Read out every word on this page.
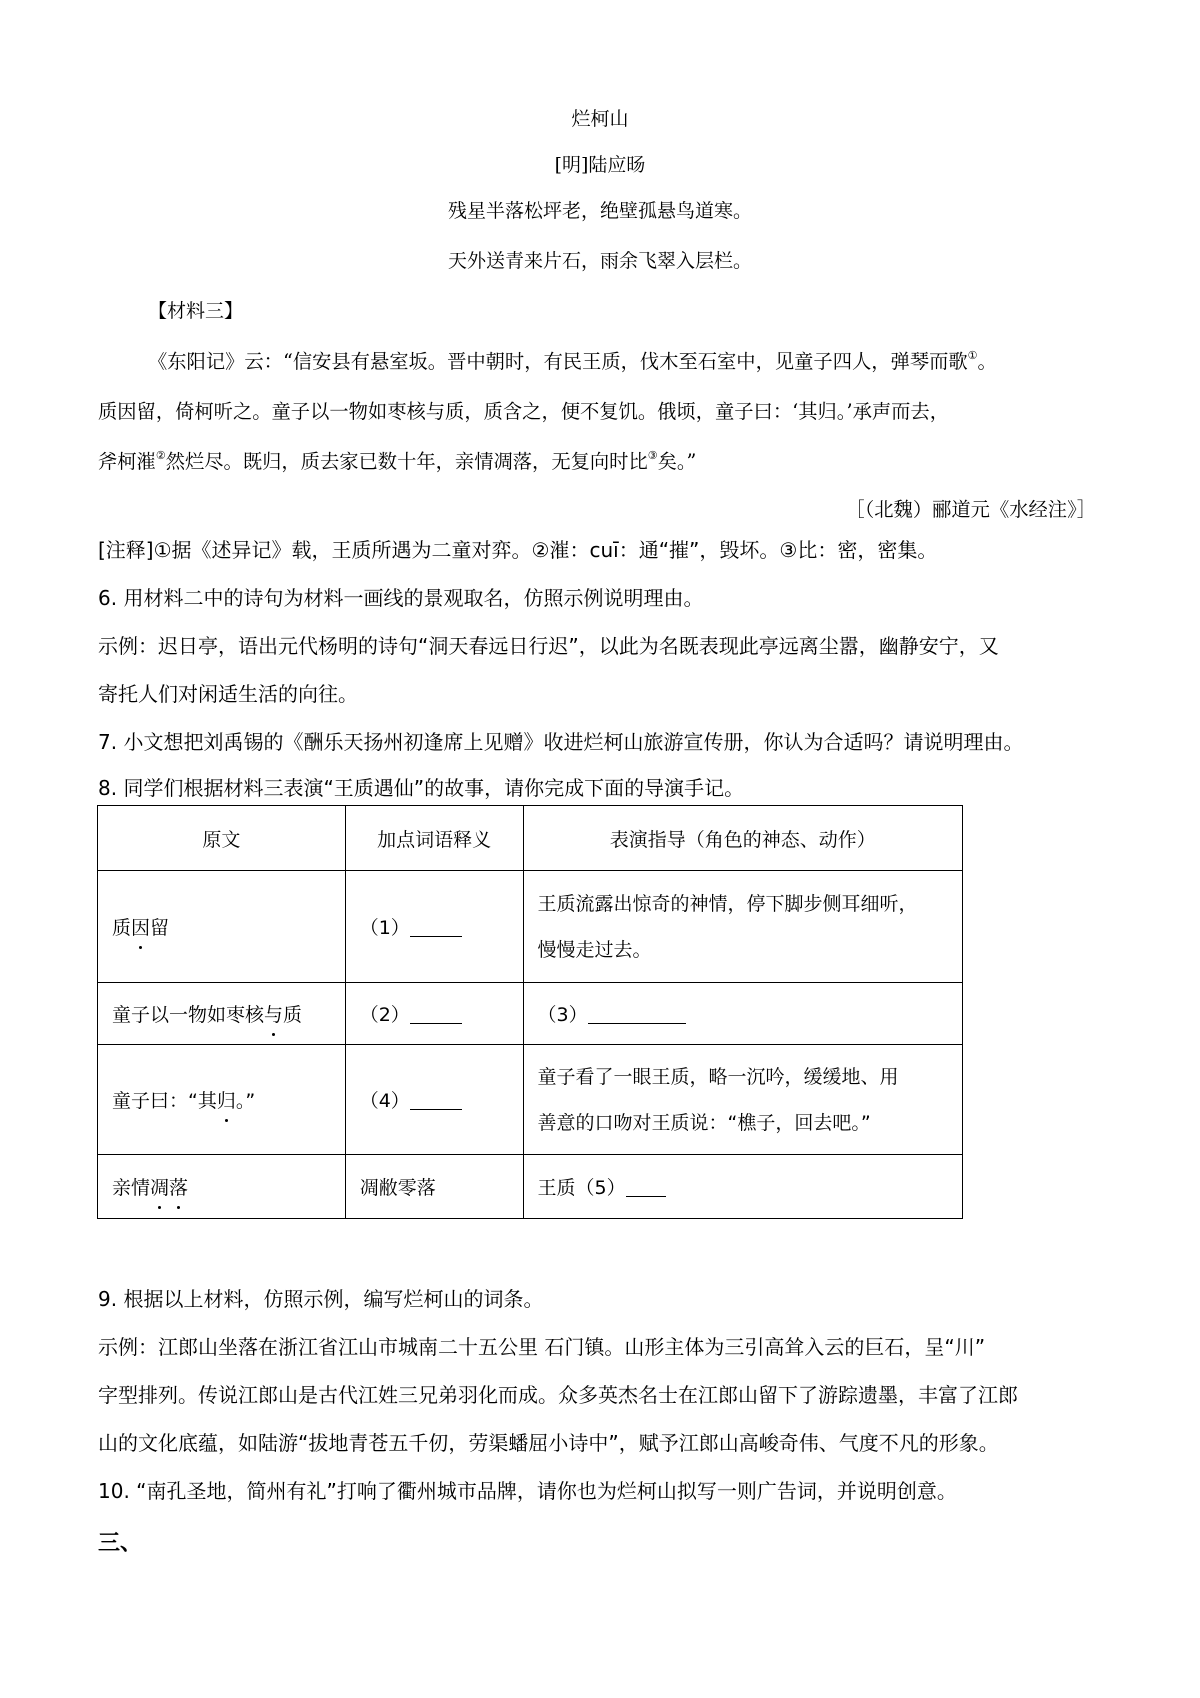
烂柯山
[明]陆应旸
残星半落松坪老，绝壁孤悬鸟道寒。
天外送青来片石，雨余飞翠入层栏。
【材料三】
《东阳记》云：“信安县有悬室坂。晋中朝时，有民王质，伐木至石室中，见童子四人，弹琴而歌①。
质因留，倚柯听之。童子以一物如枣核与质，质含之，便不复饥。俄顷，童子曰：‘其归。’承声而去，
斧柯漼②然烂尽。既归，质去家已数十年，亲情凋落，无复向时比③矣。”
［（北魏）郦道元《水经注》］
[注释]①据《述异记》载，王质所遇为二童对弈。②漼：cuī：通“摧”，毁坏。③比：密，密集。
6. 用材料二中的诗句为材料一画线的景观取名，仿照示例说明理由。
示例：迟日亭，语出元代杨明的诗句“洞天春远日行迟”，以此为名既表现此亭远离尘嚣，幽静安宁，又
寄托人们对闲适生活的向往。
7. 小文想把刘禹锡的《酬乐天扬州初逢席上见赠》收进烂柯山旅游宣传册，你认为合适吗？请说明理由。
8. 同学们根据材料三表演“王质遇仙”的故事，请你完成下面的导演手记。
原文	加点词语释义	表演指导（角色的神态、动作）
质因留	（1）	王质流露出惊奇的神情，停下脚步侧耳细听，
慢慢走过去。
童子以一物如枣核与质	（2）	（3）
童子曰：“其归。”	（4）	童子看了一眼王质，略一沉吟，缓缓地、用
善意的口吻对王质说：“樵子，回去吧。”
亲情凋落	凋敝零落	王质（5）
9. 根据以上材料，仿照示例，编写烂柯山的词条。
示例：江郎山坐落在浙江省江山市城南二十五公里 石门镇。山形主体为三引高耸入云的巨石，呈“川”
字型排列。传说江郎山是古代江姓三兄弟羽化而成。众多英杰名士在江郎山留下了游踪遗墨，丰富了江郎
山的文化底蕴，如陆游“拔地青苍五千仞，劳渠蟠屈小诗中”，赋予江郎山高峻奇伟、气度不凡的形象。
10. “南孔圣地，简州有礼”打响了衢州城市品牌，请你也为烂柯山拟写一则广告词，并说明创意。
三、
